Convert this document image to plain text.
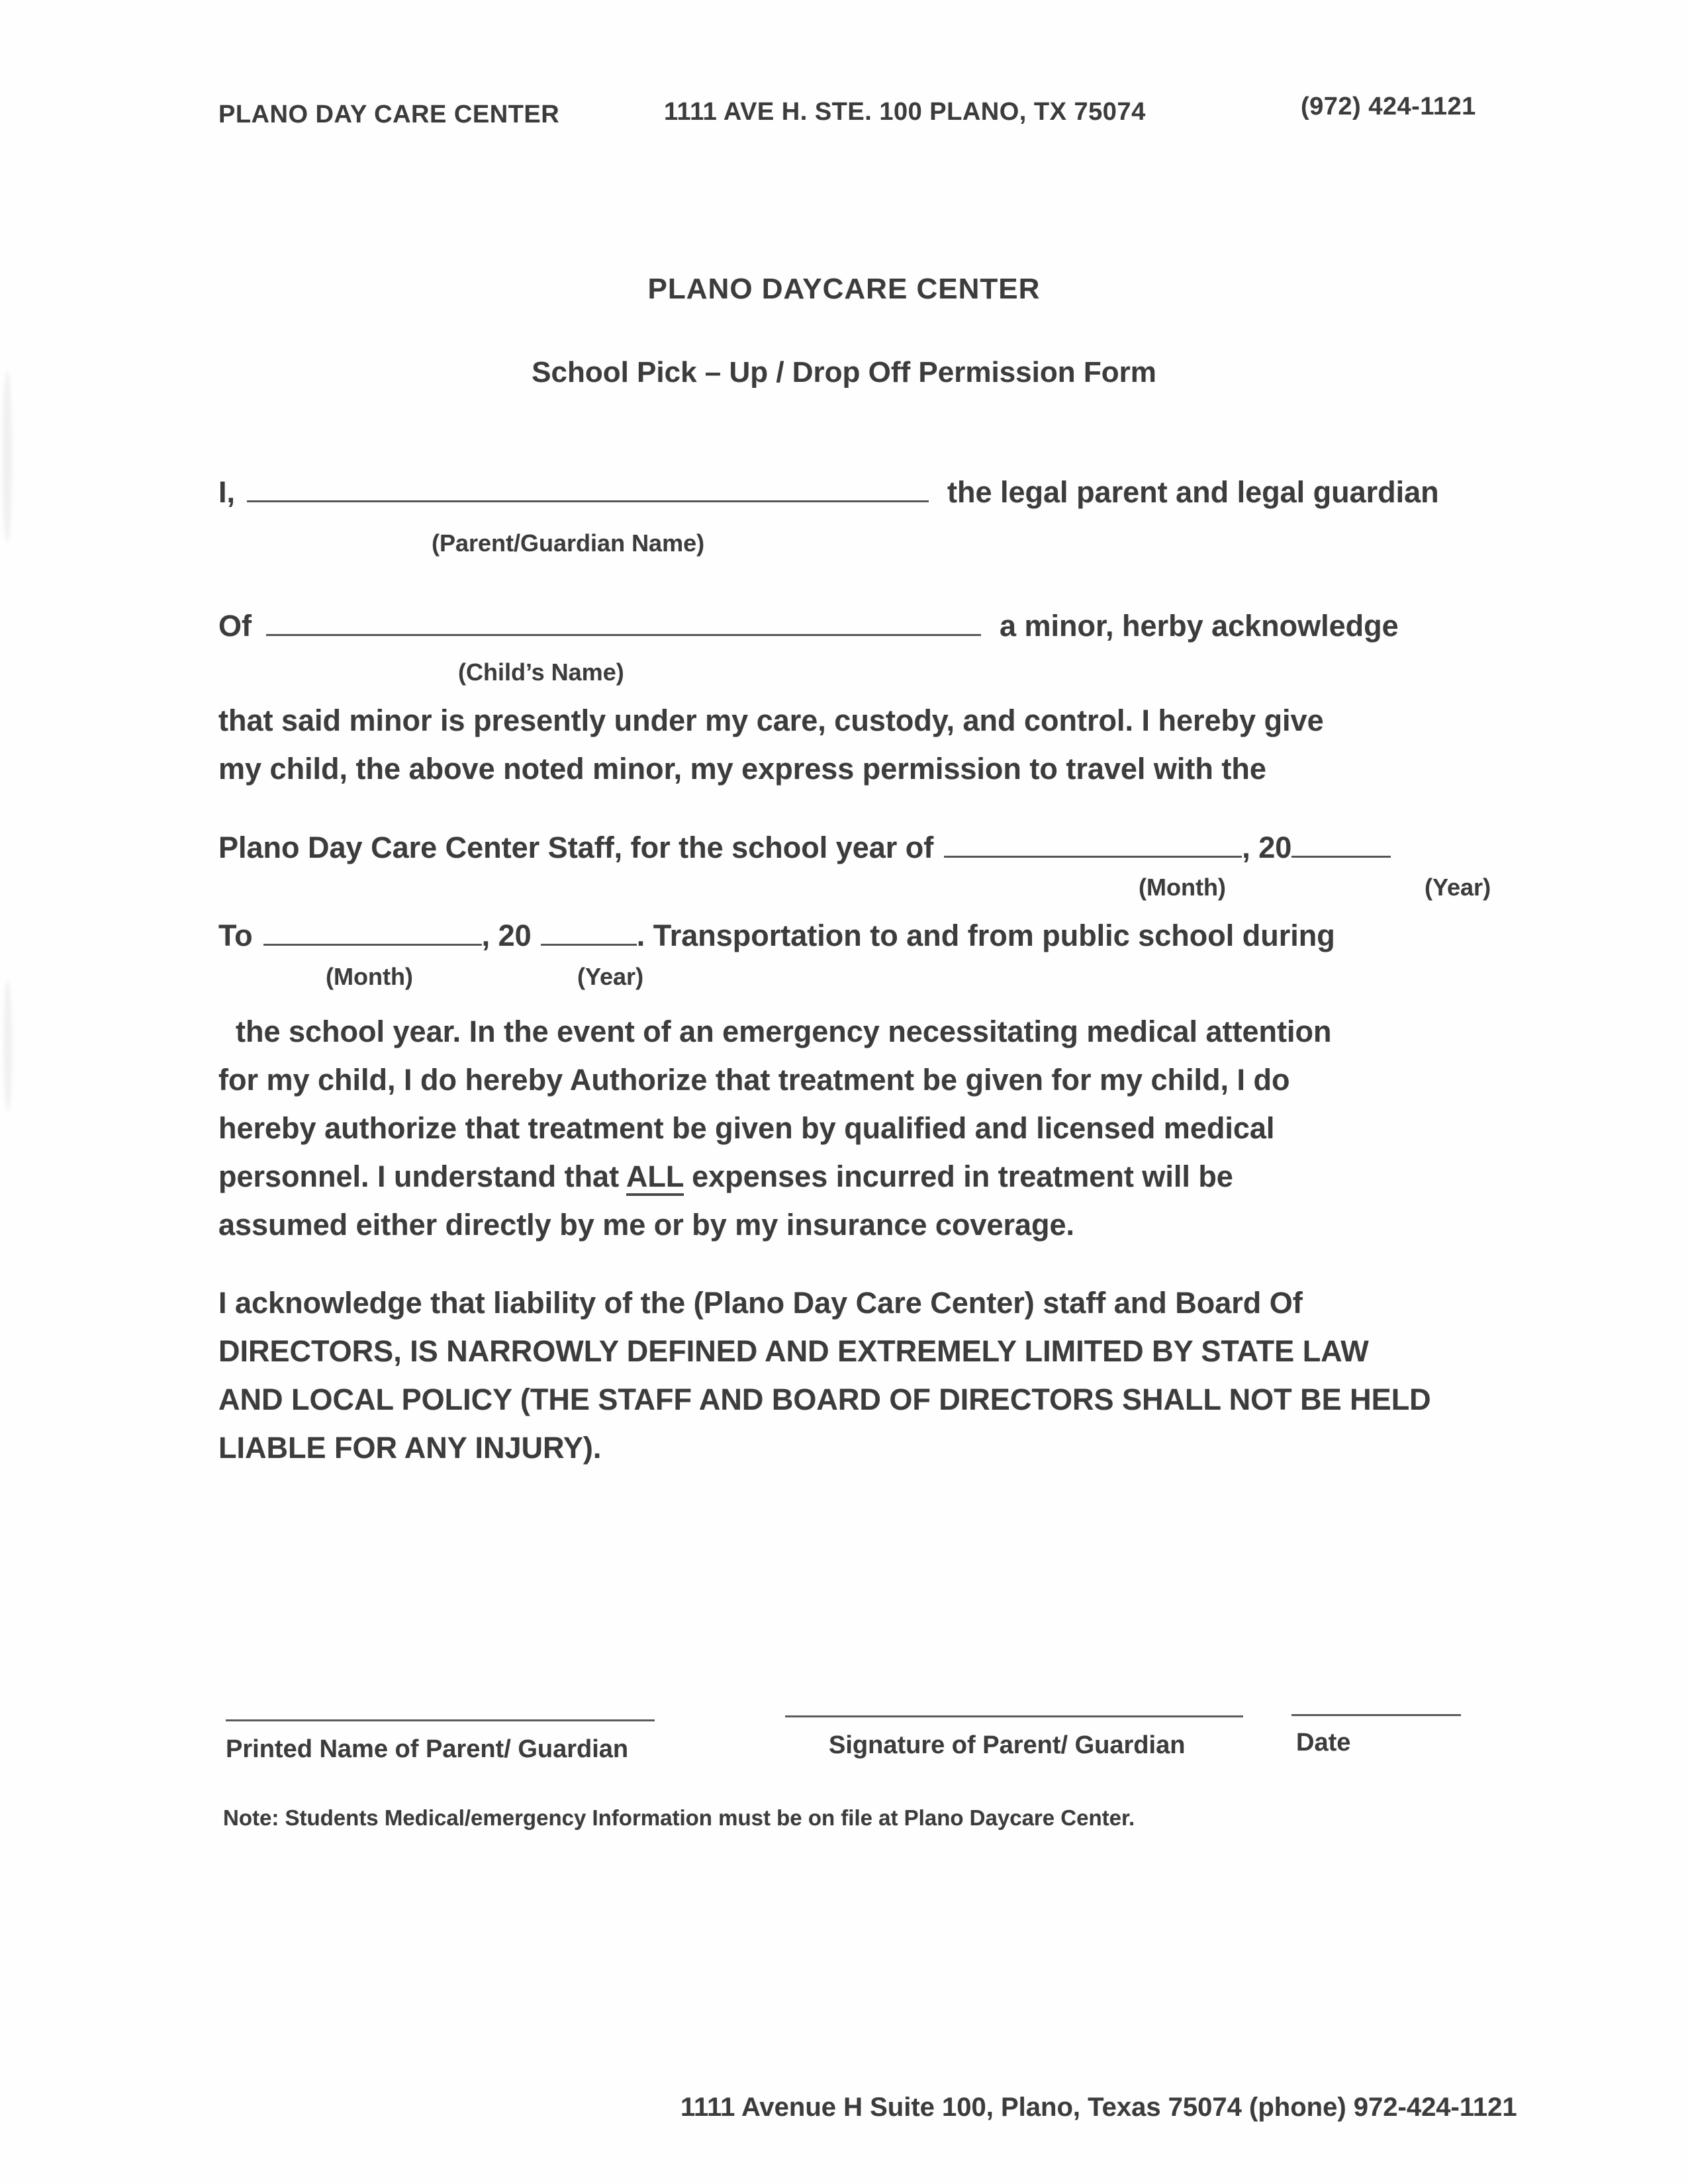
PLANO DAY CARE CENTER	1111 AVE H. STE. 100 PLANO, TX 75074	(972) 424-1121
PLANO DAYCARE CENTER
School Pick – Up / Drop Off Permission Form
I,	the legal parent and legal guardian
(Parent/Guardian Name)
Of	a minor, herby acknowledge
(Child’s Name)
that said minor is presently under my care, custody, and control. I hereby give
my child, the above noted minor, my express permission to travel with the
Plano Day Care Center Staff, for the school year of	, 20
(Month)	(Year)
To	, 20	. Transportation to and from public school during
(Month)	(Year)
the school year. In the event of an emergency necessitating medical attention
for my child, I do hereby Authorize that treatment be given for my child, I do
hereby authorize that treatment be given by qualified and licensed medical
personnel. I understand that ALL expenses incurred in treatment will be
assumed either directly by me or by my insurance coverage.
I acknowledge that liability of the (Plano Day Care Center) staff and Board Of
DIRECTORS, IS NARROWLY DEFINED AND EXTREMELY LIMITED BY STATE LAW
AND LOCAL POLICY (THE STAFF AND BOARD OF DIRECTORS SHALL NOT BE HELD
LIABLE FOR ANY INJURY).
Printed Name of Parent/ Guardian	Signature of Parent/ Guardian	Date
Note: Students Medical/emergency Information must be on file at Plano Daycare Center.
1111 Avenue H Suite 100, Plano, Texas 75074 (phone) 972-424-1121
